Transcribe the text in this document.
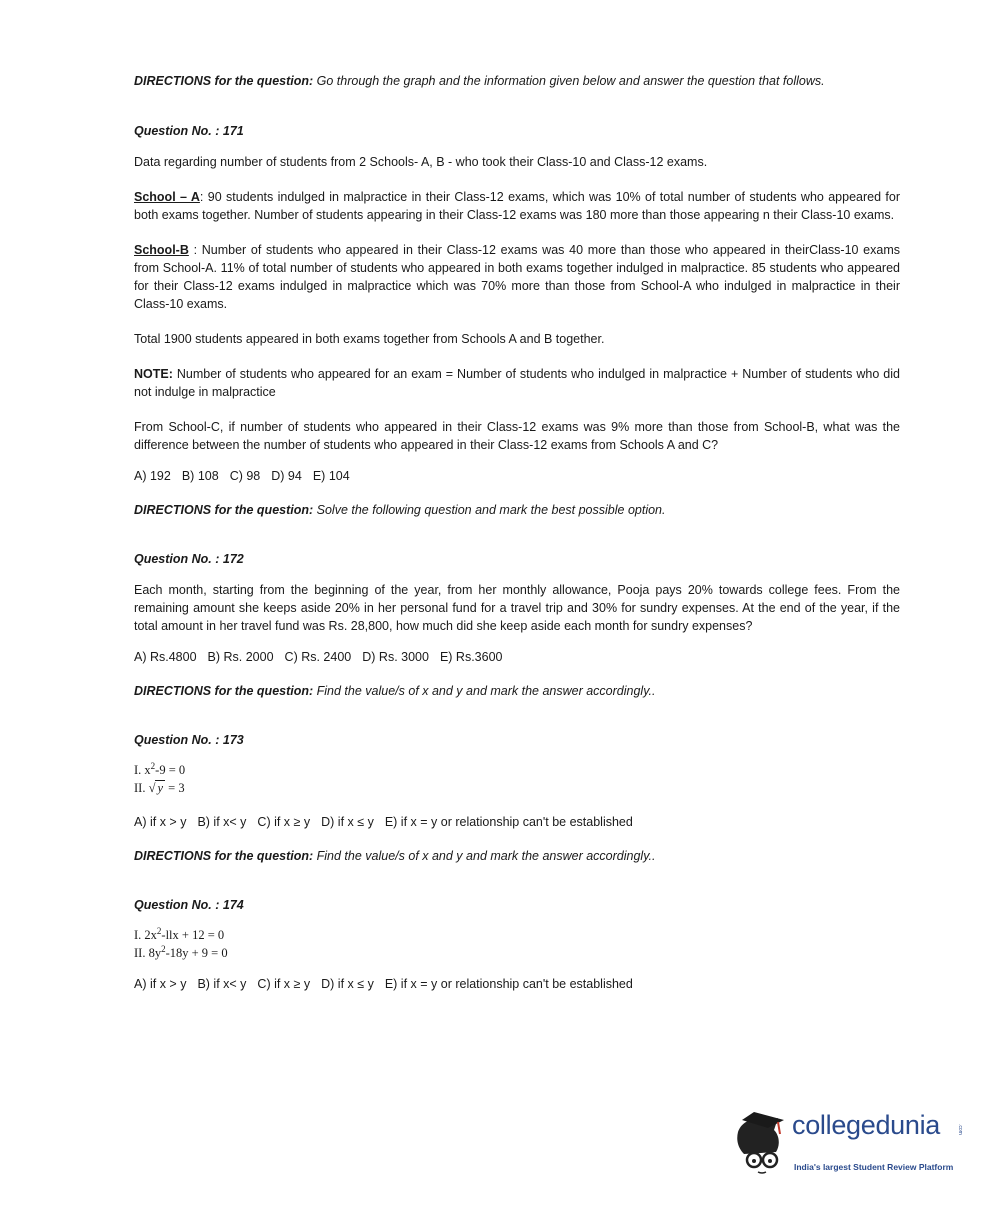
DIRECTIONS for the question: Go through the graph and the information given below and answer the question that follows.

Question No. : 171

Data regarding number of students from 2 Schools- A, B - who took their Class-10 and Class-12 exams.

School – A: 90 students indulged in malpractice in their Class-12 exams, which was 10% of total number of students who appeared for both exams together. Number of students appearing in their Class-12 exams was 180 more than those appearing n their Class-10 exams.

School-B : Number of students who appeared in their Class-12 exams was 40 more than those who appeared in theirClass-10 exams from School-A. 11% of total number of students who appeared in both exams together indulged in malpractice. 85 students who appeared for their Class-12 exams indulged in malpractice which was 70% more than those from School-A who indulged in malpractice in their Class-10 exams.

Total 1900 students appeared in both exams together from Schools A and B together.

NOTE: Number of students who appeared for an exam = Number of students who indulged in malpractice + Number of students who did not indulge in malpractice

From School-C, if number of students who appeared in their Class-12 exams was 9% more than those from School-B, what was the difference between the number of students who appeared in their Class-12 exams from Schools A and C?

A) 192 B) 108 C) 98 D) 94 E) 104

DIRECTIONS for the question: Solve the following question and mark the best possible option.

Question No. : 172

Each month, starting from the beginning of the year, from her monthly allowance, Pooja pays 20% towards college fees. From the remaining amount she keeps aside 20% in her personal fund for a travel trip and 30% for sundry expenses. At the end of the year, if the total amount in her travel fund was Rs. 28,800, how much did she keep aside each month for sundry expenses?

A) Rs.4800 B) Rs. 2000 C) Rs. 2400 D) Rs. 3000 E) Rs.3600

DIRECTIONS for the question: Find the value/s of x and y and mark the answer accordingly..

Question No. : 173

I. $x^2-9 = 0$

II. √ y = 3

A) if x > y B) if x< y C) if x ≥ y D) if x ≤ y E) if x = y or relationship can't be established

DIRECTIONS for the question: Find the value/s of x and y and mark the answer accordingly..

Question No. : 174

I. $2x^2$-llx + 12 = 0

II. $8y^2-18y + 9 = 0$

A) if x > y B) if x< y C) if x ≥ y D) if x ≤ y E) if x = y or relationship can't be established

collegedunia	.com
India's largest Student Review Platform
